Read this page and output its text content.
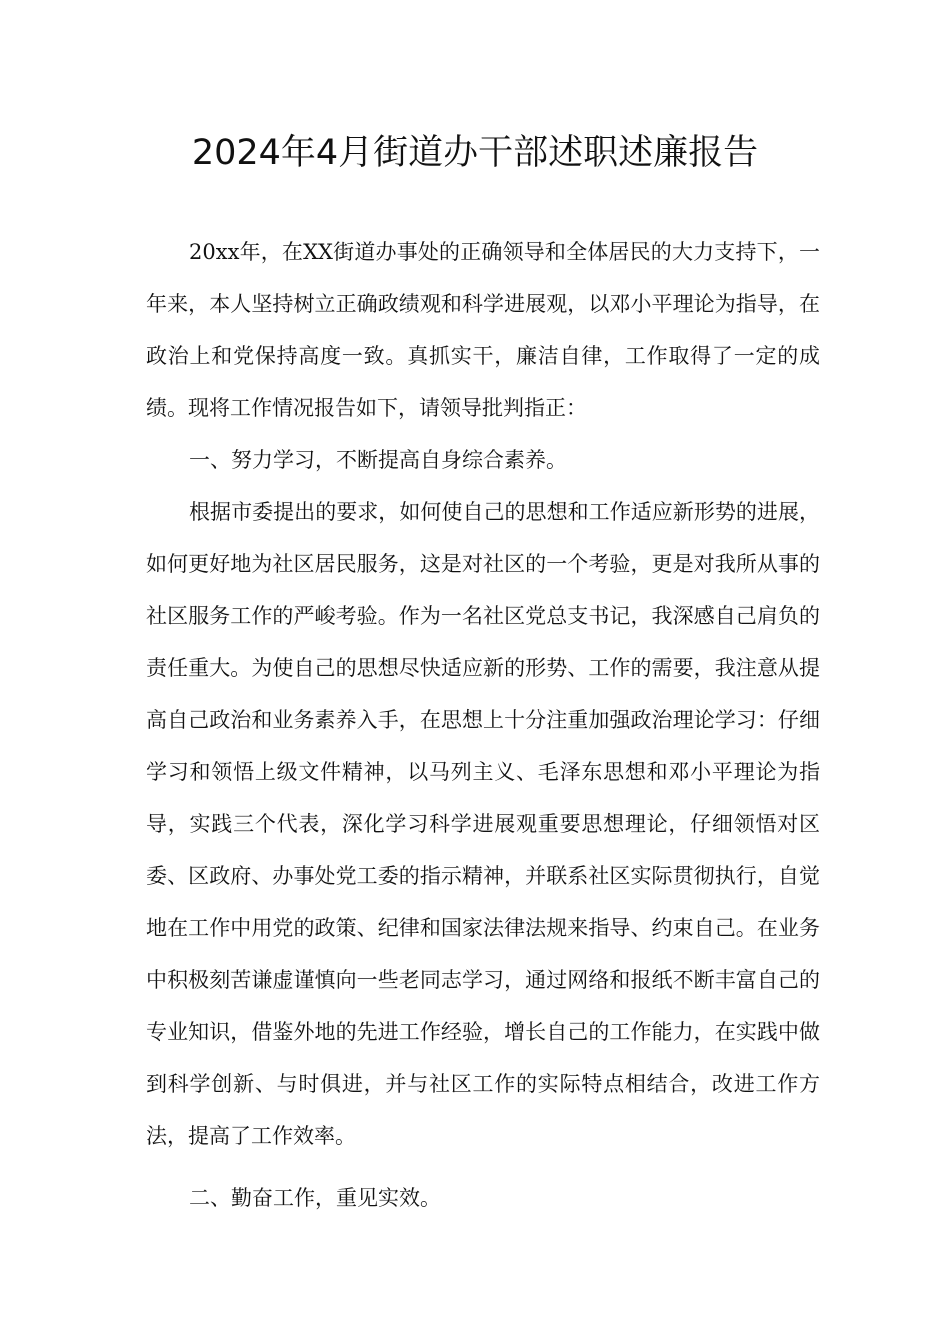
2024年4月街道办干部述职述廉报告

20xx年，在XX街道办事处的正确领导和全体居民的大力支持下，一年来，本人坚持树立正确政绩观和科学进展观，以邓小平理论为指导，在政治上和党保持高度一致。真抓实干，廉洁自律，工作取得了一定的成绩。现将工作情况报告如下，请领导批判指正：

一、努力学习，不断提高自身综合素养。

根据市委提出的要求，如何使自己的思想和工作适应新形势的进展，如何更好地为社区居民服务，这是对社区的一个考验，更是对我所从事的社区服务工作的严峻考验。作为一名社区党总支书记，我深感自己肩负的责任重大。为使自己的思想尽快适应新的形势、工作的需要，我注意从提高自己政治和业务素养入手，在思想上十分注重加强政治理论学习：仔细学习和领悟上级文件精神，以马列主义、毛泽东思想和邓小平理论为指导，实践三个代表，深化学习科学进展观重要思想理论，仔细领悟对区委、区政府、办事处党工委的指示精神，并联系社区实际贯彻执行，自觉地在工作中用党的政策、纪律和国家法律法规来指导、约束自己。在业务中积极刻苦谦虚谨慎向一些老同志学习，通过网络和报纸不断丰富自己的专业知识，借鉴外地的先进工作经验，增长自己的工作能力，在实践中做到科学创新、与时俱进，并与社区工作的实际特点相结合，改进工作方法，提高了工作效率。

二、勤奋工作，重见实效。
